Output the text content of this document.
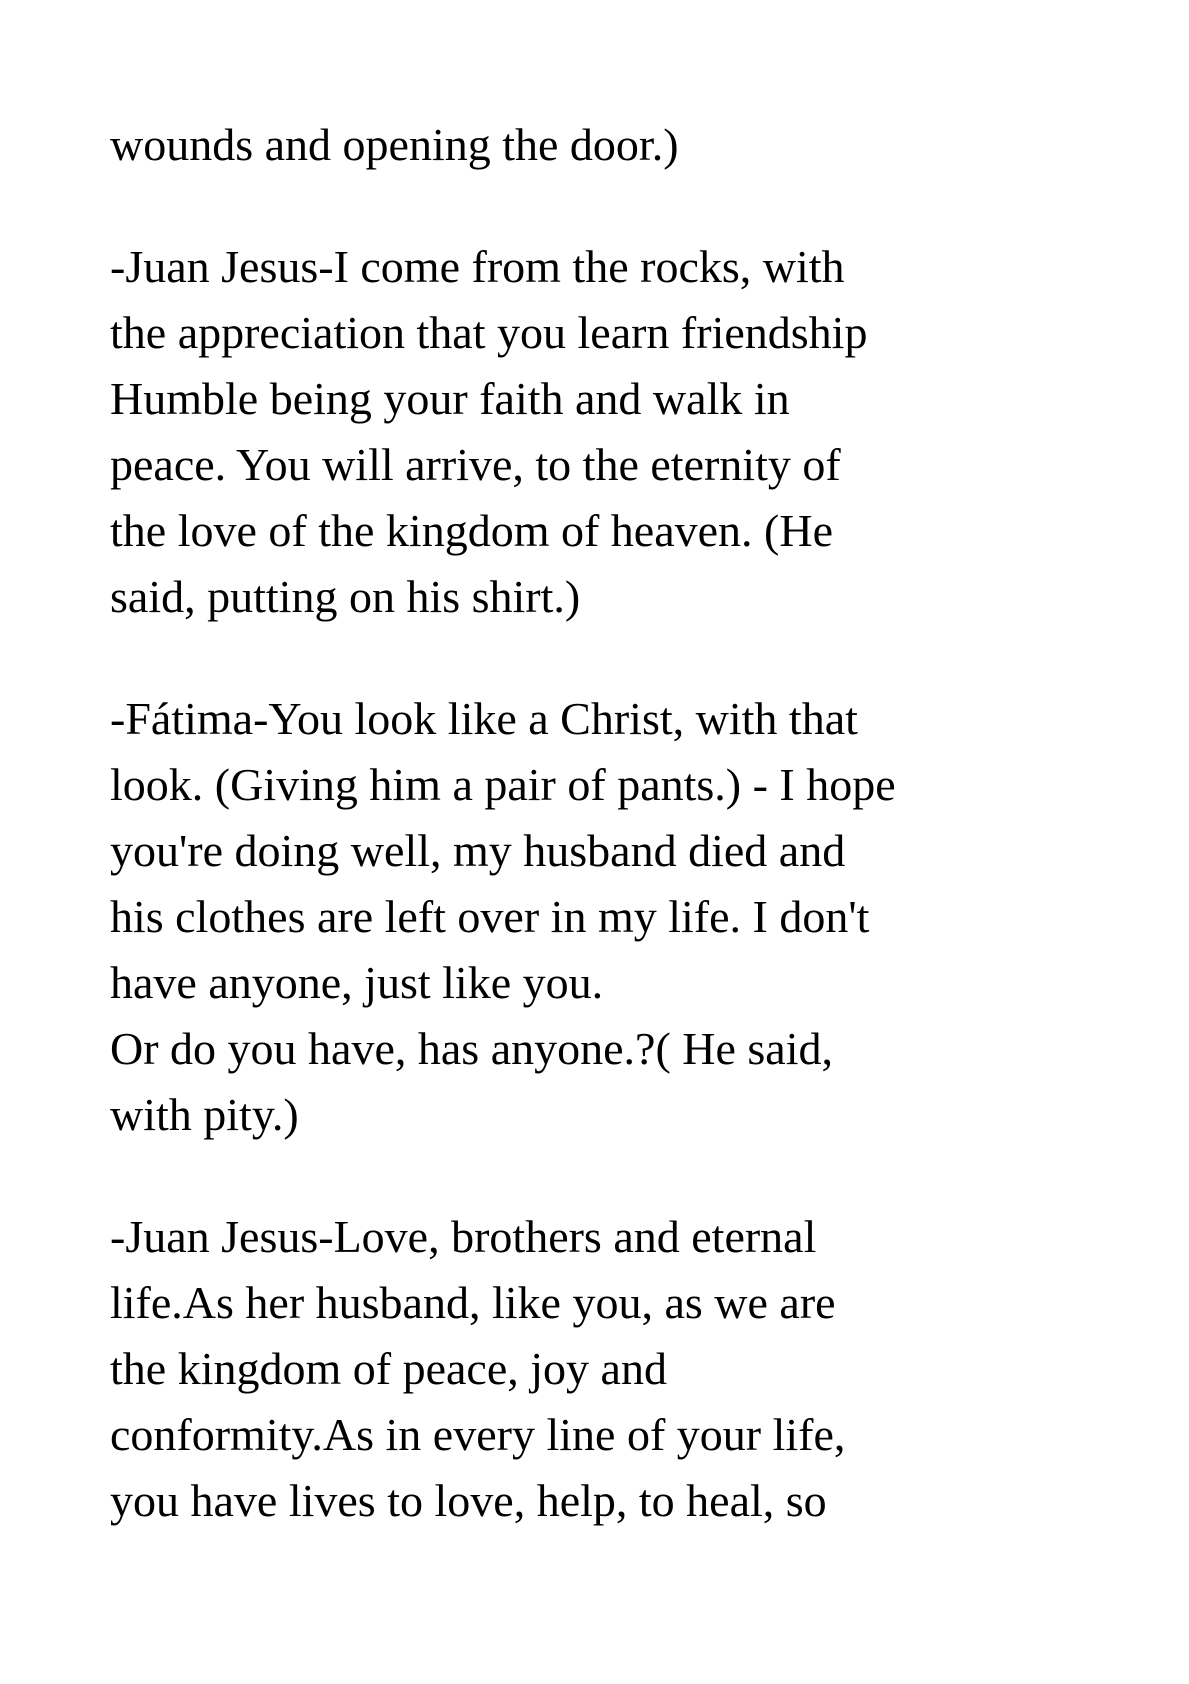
wounds and opening the door.)
-Juan Jesus-I come from the rocks, with
the appreciation that you learn friendship
Humble being your faith and walk in
peace. You will arrive, to the eternity of
the love of the kingdom of heaven. (He
said, putting on his shirt.)
-Fátima-You look like a Christ, with that
look. (Giving him a pair of pants.) - I hope
you're doing well, my husband died and
his clothes are left over in my life. I don't
have anyone, just like you.
Or do you have, has anyone.?( He said,
with pity.)
-Juan Jesus-Love, brothers and eternal
life.As her husband, like you, as we are
the kingdom of peace, joy and
conformity.As in every line of your life,
you have lives to love, help, to heal, so
